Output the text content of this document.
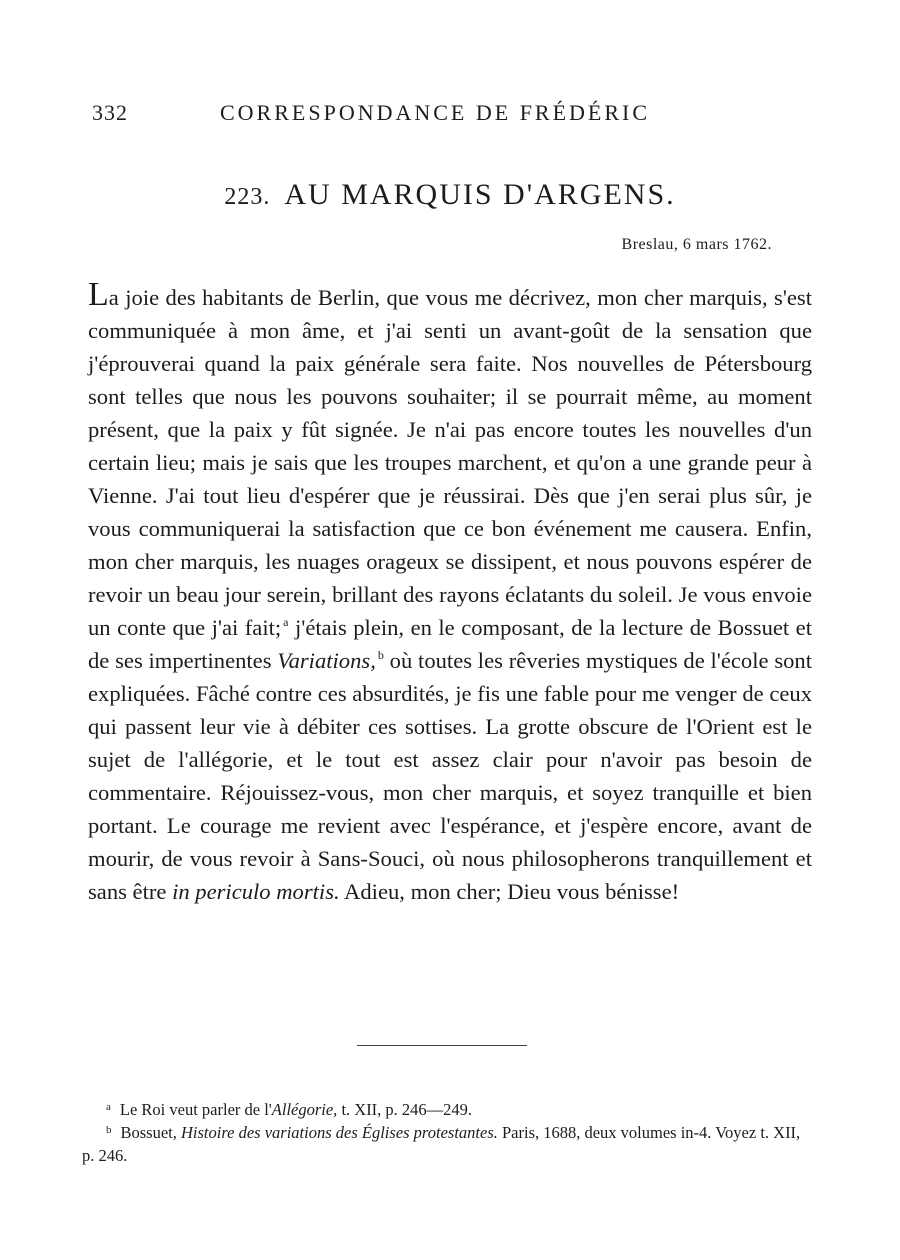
332	CORRESPONDANCE DE FRÉDÉRIC
223. AU MARQUIS D'ARGENS.
Breslau, 6 mars 1762.

La joie des habitants de Berlin, que vous me décrivez, mon cher marquis, s'est communiquée à mon âme, et j'ai senti un avant-goût de la sensation que j'éprouverai quand la paix générale sera faite. Nos nouvelles de Pétersbourg sont telles que nous les pouvons souhaiter; il se pourrait même, au moment présent, que la paix y fût signée. Je n'ai pas encore toutes les nouvelles d'un certain lieu; mais je sais que les troupes marchent, et qu'on a une grande peur à Vienne. J'ai tout lieu d'espérer que je réussirai. Dès que j'en serai plus sûr, je vous communiquerai la satisfaction que ce bon événement me causera. Enfin, mon cher marquis, les nuages orageux se dissipent, et nous pouvons espérer de revoir un beau jour serein, brillant des rayons éclatants du soleil. Je vous envoie un conte que j'ai fait; $^a$ j'étais plein, en le composant, de la lecture de Bossuet et de ses impertinentes Variations, $^b$ où toutes les rêveries mystiques de l'école sont expliquées. Fâché contre ces absurdités, je fis une fable pour me venger de ceux qui passent leur vie à débiter ces sottises. La grotte obscure de l'Orient est le sujet de l'allégorie, et le tout est assez clair pour n'avoir pas besoin de commentaire. Réjouissez-vous, mon cher marquis, et soyez tranquille et bien portant. Le courage me revient avec l'espérance, et j'espère encore, avant de mourir, de vous revoir à Sans-Souci, où nous philosopherons tranquillement et sans être in periculo mortis. Adieu, mon cher; Dieu vous bénisse!

$^a$ Le Roi veut parler de l'Allégorie, t. XII, p. 246—249.

$^b$ Bossuet, Histoire des variations des Églises protestantes. Paris, 1688, deux volumes in-4. Voyez t. XII, p. 246.
